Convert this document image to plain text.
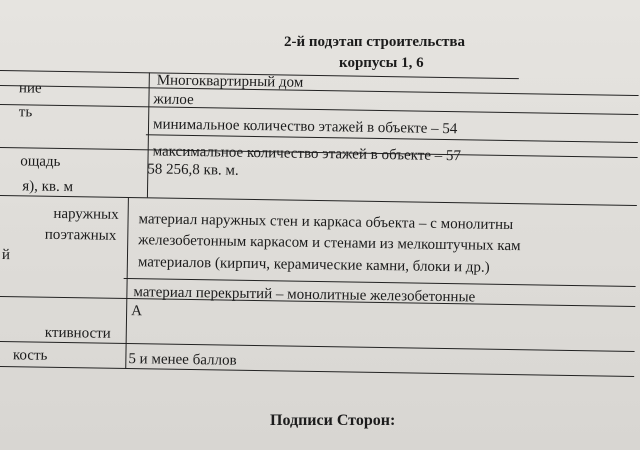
2-й подэтап строительства
корпусы 1, 6
ние
ть
ощадь
я), кв. м
наружных
поэтажных
й
ктивности
кость
Многоквартирный дом
жилое
минимальное количество этажей в объекте – 54
максимальное количество этажей в объекте – 57
58 256,8 кв. м.
материал наружных стен и каркаса объекта – с монолитны
железобетонным каркасом и стенами из мелкоштучных кам
материалов (кирпич, керамические камни, блоки и др.)
материал перекрытий – монолитные железобетонные
А
5 и менее баллов
Подписи Сторон:
